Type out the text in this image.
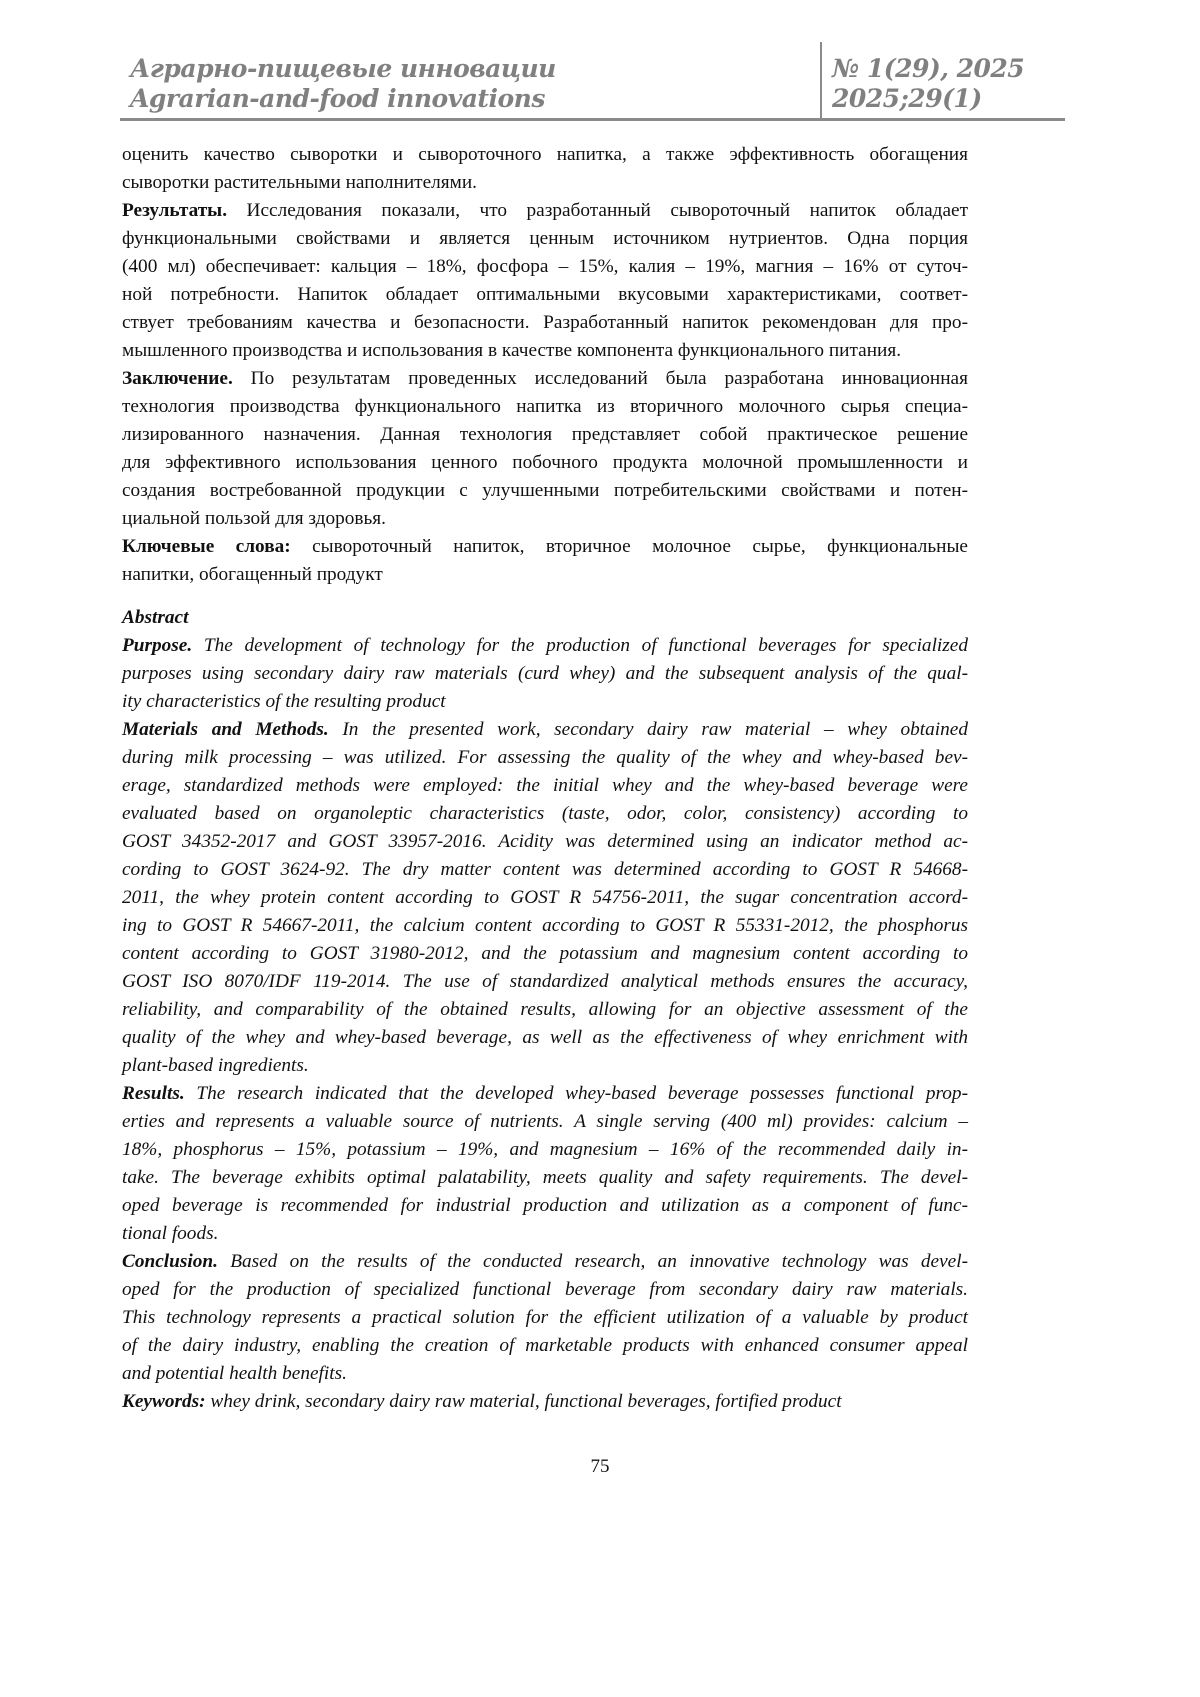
Аграрно-пищевые инновации
Agrarian-and-food innovations
№ 1(29), 2025
2025;29(1)
оценить качество сыворотки и сывороточного напитка, а также эффективность обогащения
сыворотки растительными наполнителями.
Результаты. Исследования показали, что разработанный сывороточный напиток обладает
функциональными свойствами и является ценным источником нутриентов. Одна порция
(400 мл) обеспечивает: кальция – 18%, фосфора – 15%, калия – 19%, магния – 16% от суточ-
ной потребности. Напиток обладает оптимальными вкусовыми характеристиками, соответ-
ствует требованиям качества и безопасности. Разработанный напиток рекомендован для про-
мышленного производства и использования в качестве компонента функционального питания.
Заключение. По результатам проведенных исследований была разработана инновационная
технология производства функционального напитка из вторичного молочного сырья специа-
лизированного назначения. Данная технология представляет собой практическое решение
для эффективного использования ценного побочного продукта молочной промышленности и
создания востребованной продукции с улучшенными потребительскими свойствами и потен-
циальной пользой для здоровья.
Ключевые слова: сывороточный напиток, вторичное молочное сырье, функциональные
напитки, обогащенный продукт
Abstract
Purpose. The development of technology for the production of functional beverages for specialized
purposes using secondary dairy raw materials (curd whey) and the subsequent analysis of the qual-
ity characteristics of the resulting product
Materials and Methods. In the presented work, secondary dairy raw material – whey obtained
during milk processing – was utilized. For assessing the quality of the whey and whey-based bev-
erage, standardized methods were employed: the initial whey and the whey-based beverage were
evaluated based on organoleptic characteristics (taste, odor, color, consistency) according to
GOST 34352-2017 and GOST 33957-2016. Acidity was determined using an indicator method ac-
cording to GOST 3624-92. The dry matter content was determined according to GOST R 54668-
2011, the whey protein content according to GOST R 54756-2011, the sugar concentration accord-
ing to GOST R 54667-2011, the calcium content according to GOST R 55331-2012, the phosphorus
content according to GOST 31980-2012, and the potassium and magnesium content according to
GOST ISO 8070/IDF 119-2014. The use of standardized analytical methods ensures the accuracy,
reliability, and comparability of the obtained results, allowing for an objective assessment of the
quality of the whey and whey-based beverage, as well as the effectiveness of whey enrichment with
plant-based ingredients.
Results. The research indicated that the developed whey-based beverage possesses functional prop-
erties and represents a valuable source of nutrients. A single serving (400 ml) provides: calcium –
18%, phosphorus – 15%, potassium – 19%, and magnesium – 16% of the recommended daily in-
take. The beverage exhibits optimal palatability, meets quality and safety requirements. The devel-
oped beverage is recommended for industrial production and utilization as a component of func-
tional foods.
Conclusion. Based on the results of the conducted research, an innovative technology was devel-
oped for the production of specialized functional beverage from secondary dairy raw materials.
This technology represents a practical solution for the efficient utilization of a valuable by product
of the dairy industry, enabling the creation of marketable products with enhanced consumer appeal
and potential health benefits.
Keywords: whey drink, secondary dairy raw material, functional beverages, fortified product
75
